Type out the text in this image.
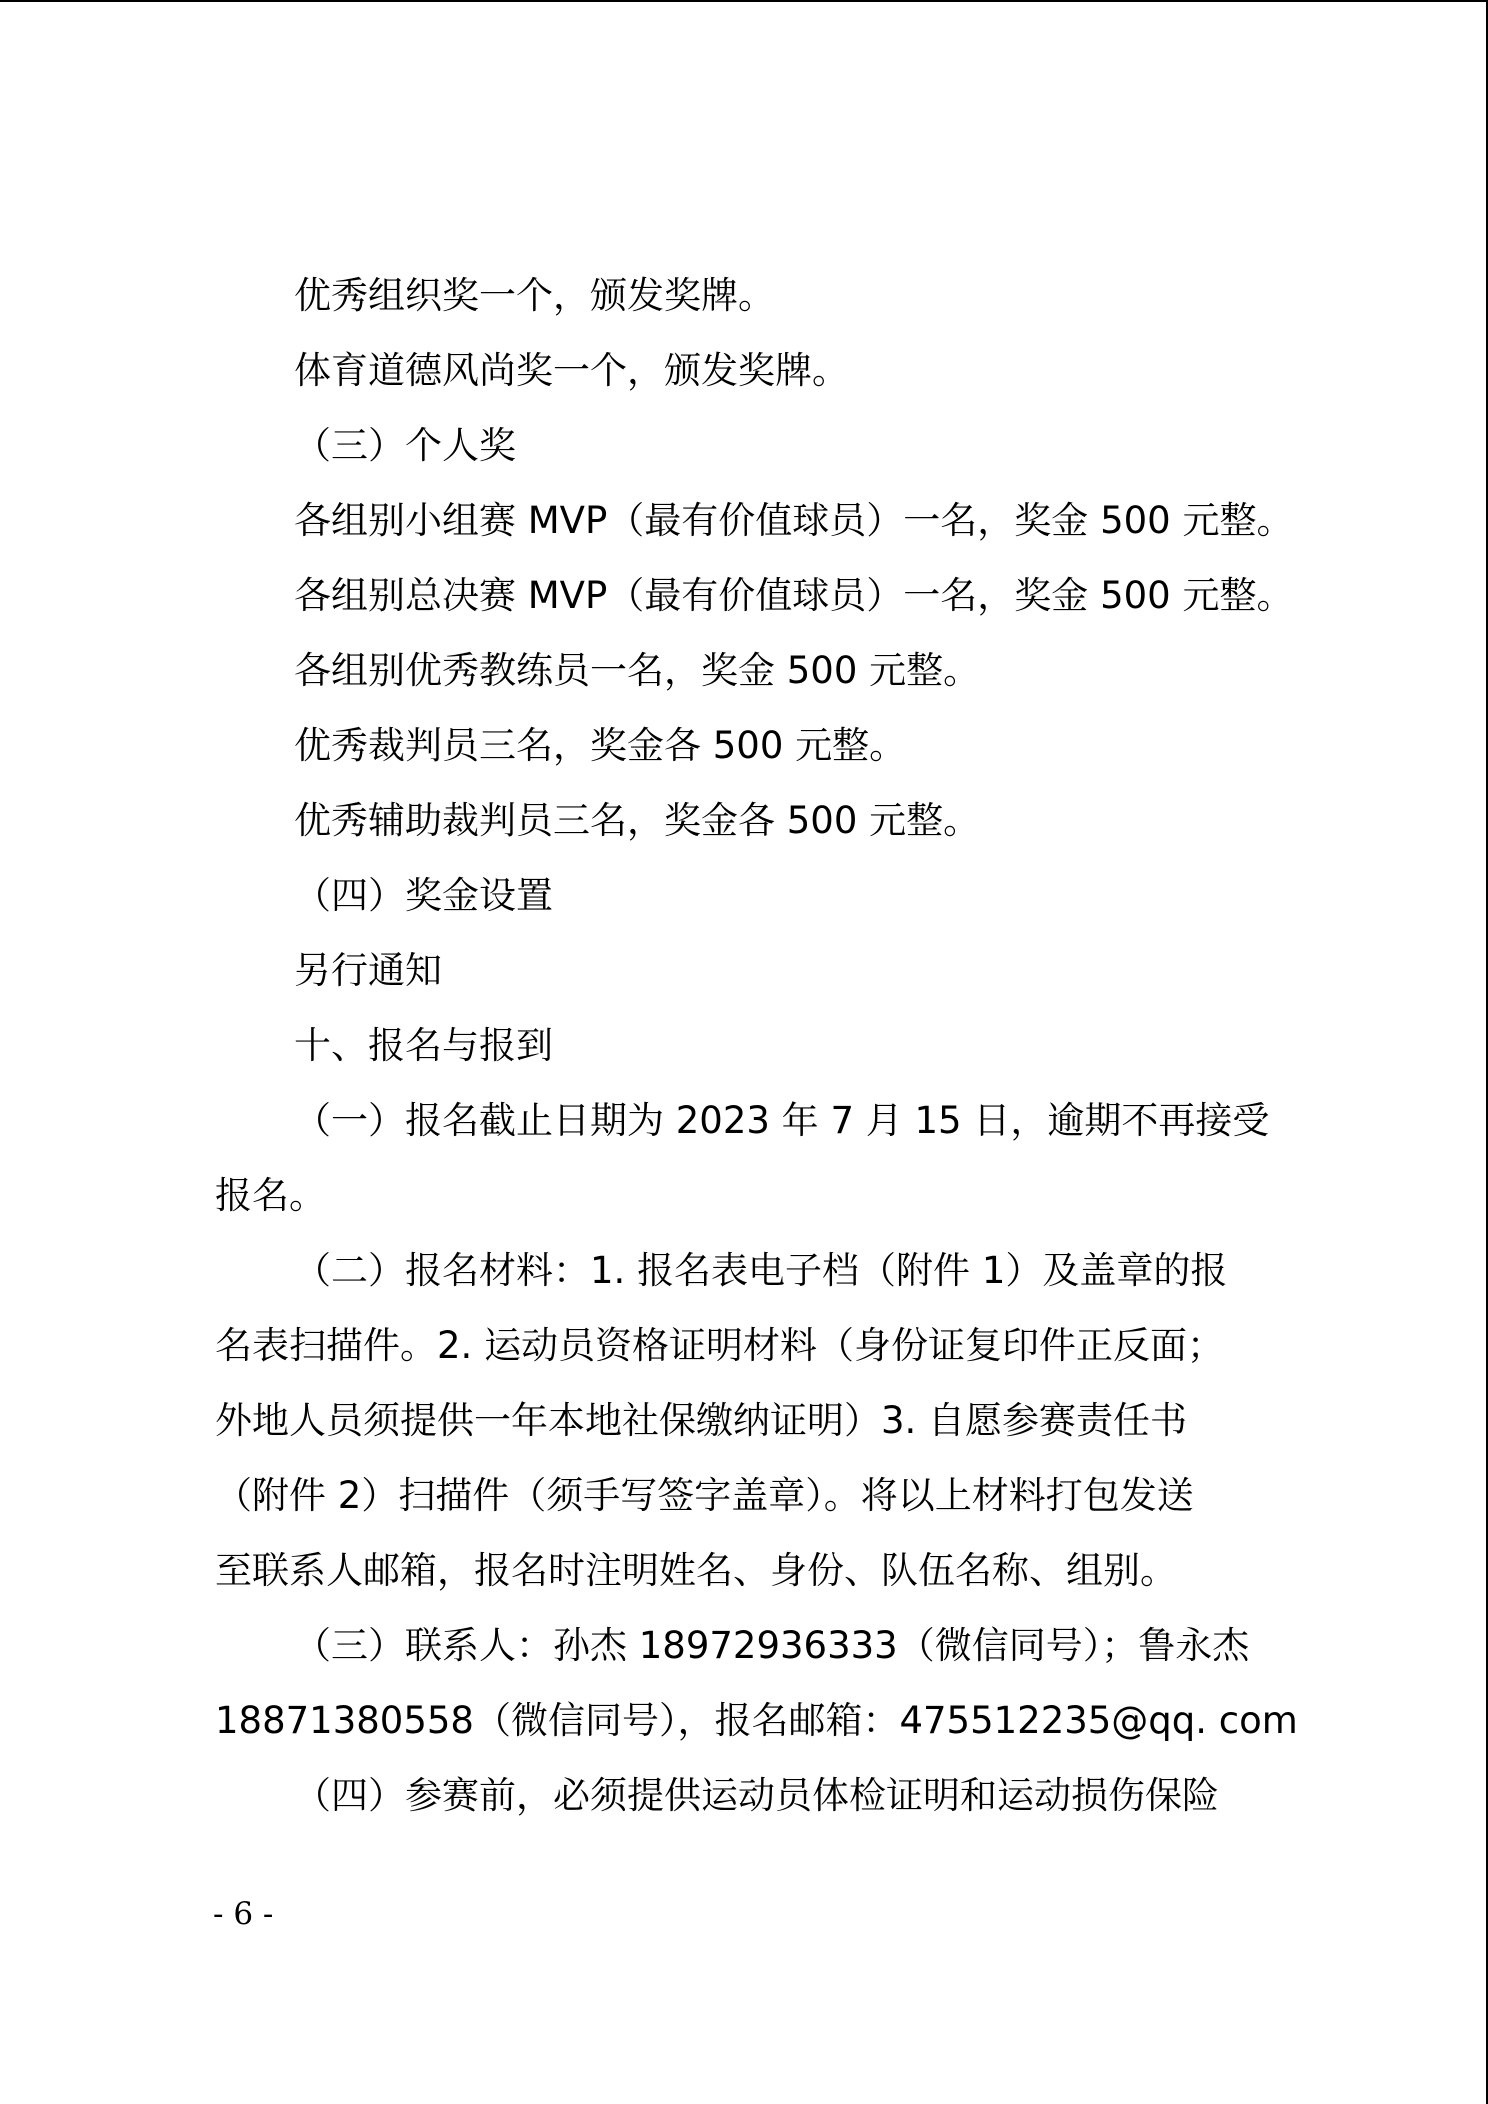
优秀组织奖一个，颁发奖牌。
体育道德风尚奖一个，颁发奖牌。
（三）个人奖
各组别小组赛 MVP（最有价值球员）一名，奖金 500 元整。
各组别总决赛 MVP（最有价值球员）一名，奖金 500 元整。
各组别优秀教练员一名，奖金 500 元整。
优秀裁判员三名，奖金各 500 元整。
优秀辅助裁判员三名，奖金各 500 元整。
（四）奖金设置
另行通知
十、报名与报到
（一）报名截止日期为 2023 年 7 月 15 日，逾期不再接受
报名。
（二）报名材料：1. 报名表电子档（附件 1）及盖章的报
名表扫描件。2. 运动员资格证明材料（身份证复印件正反面；
外地人员须提供一年本地社保缴纳证明）3. 自愿参赛责任书
（附件 2）扫描件（须手写签字盖章）。将以上材料打包发送
至联系人邮箱，报名时注明姓名、身份、队伍名称、组别。
（三）联系人：孙杰 18972936333（微信同号）；鲁永杰
18871380558（微信同号），报名邮箱：475512235@qq. com
（四）参赛前，必须提供运动员体检证明和运动损伤保险
- 6 -
